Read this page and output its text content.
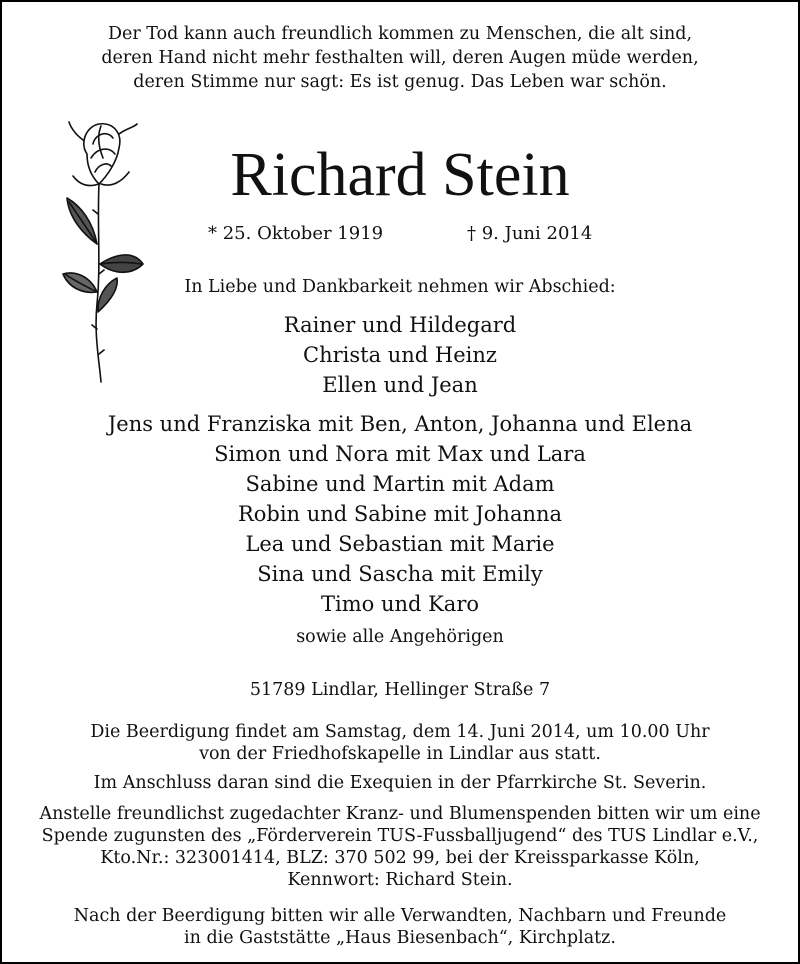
Der Tod kann auch freundlich kommen zu Menschen, die alt sind,
deren Hand nicht mehr festhalten will, deren Augen müde werden,
deren Stimme nur sagt: Es ist genug. Das Leben war schön.
Richard Stein
* 25. Oktober 1919	† 9. Juni 2014
In Liebe und Dankbarkeit nehmen wir Abschied:
Rainer und Hildegard
Christa und Heinz
Ellen und Jean
Jens und Franziska mit Ben, Anton, Johanna und Elena
Simon und Nora mit Max und Lara
Sabine und Martin mit Adam
Robin und Sabine mit Johanna
Lea und Sebastian mit Marie
Sina und Sascha mit Emily
Timo und Karo
sowie alle Angehörigen
51789 Lindlar, Hellinger Straße 7
Die Beerdigung findet am Samstag, dem 14. Juni 2014, um 10.00 Uhr
von der Friedhofskapelle in Lindlar aus statt.
Im Anschluss daran sind die Exequien in der Pfarrkirche St. Severin.
Anstelle freundlichst zugedachter Kranz- und Blumenspenden bitten wir um eine
Spende zugunsten des „Förderverein TUS-Fussballjugend“ des TUS Lindlar e.V.,
Kto.Nr.: 323001414, BLZ: 370 502 99, bei der Kreissparkasse Köln,
Kennwort: Richard Stein.
Nach der Beerdigung bitten wir alle Verwandten, Nachbarn und Freunde
in die Gaststätte „Haus Biesenbach“, Kirchplatz.
